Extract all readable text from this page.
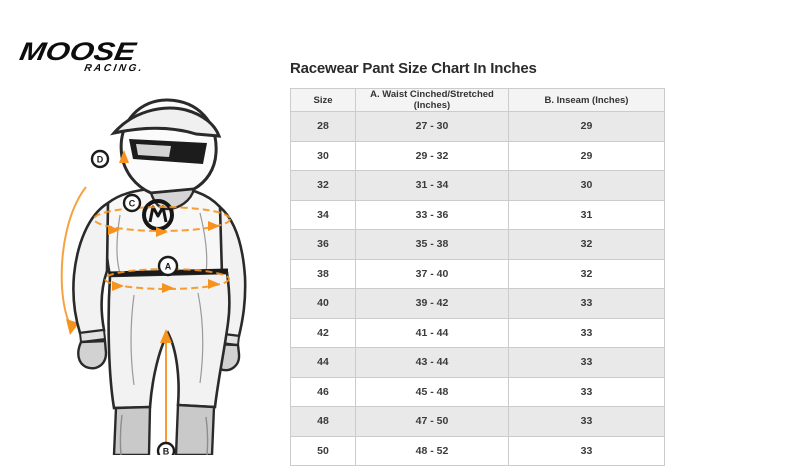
MOOSE
RACING.
C
A
D
B
Racewear Pant Size Chart In Inches
Size	A. Waist Cinched/Stretched (Inches)	B. Inseam (Inches)
28	27 - 30	29
30	29 - 32	29
32	31 - 34	30
34	33 - 36	31
36	35 - 38	32
38	37 - 40	32
40	39 - 42	33
42	41 - 44	33
44	43 - 44	33
46	45 - 48	33
48	47 - 50	33
50	48 - 52	33
